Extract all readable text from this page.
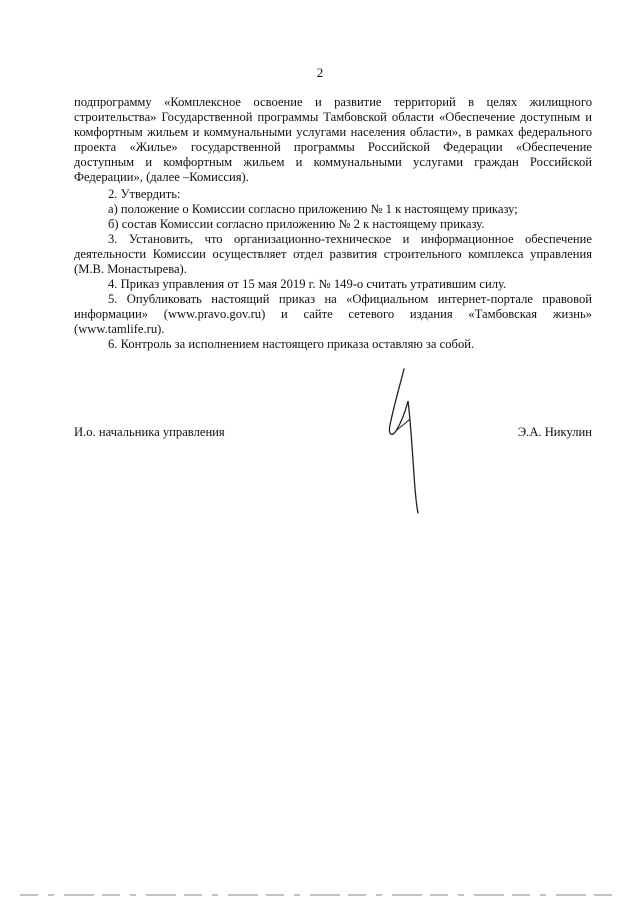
2

подпрограмму «Комплексное освоение и развитие территорий в целях жилищного строительства» Государственной программы Тамбовской области «Обеспечение доступным и комфортным жильем и коммунальными услугами населения области», в рамках федерального проекта «Жилье» государственной программы Российской Федерации «Обеспечение доступным и комфортным жильем и коммунальными услугами граждан Российской Федерации», (далее –Комиссия).

2. Утвердить:

а) положение о Комиссии согласно приложению № 1 к настоящему приказу;

б) состав Комиссии согласно приложению № 2 к настоящему приказу.

3. Установить, что организационно-техническое и информационное обеспечение деятельности Комиссии осуществляет отдел развития строительного комплекса управления (М.В. Монастырева).

4. Приказ управления от 15 мая 2019 г. № 149-о считать утратившим силу.

5. Опубликовать настоящий приказ на «Официальном интернет-портале правовой информации» (www.pravo.gov.ru) и сайте сетевого издания «Тамбовская жизнь» (www.tamlife.ru).

6. Контроль за исполнением настоящего приказа оставляю за собой.

И.о. начальника управления	Э.А. Никулин
